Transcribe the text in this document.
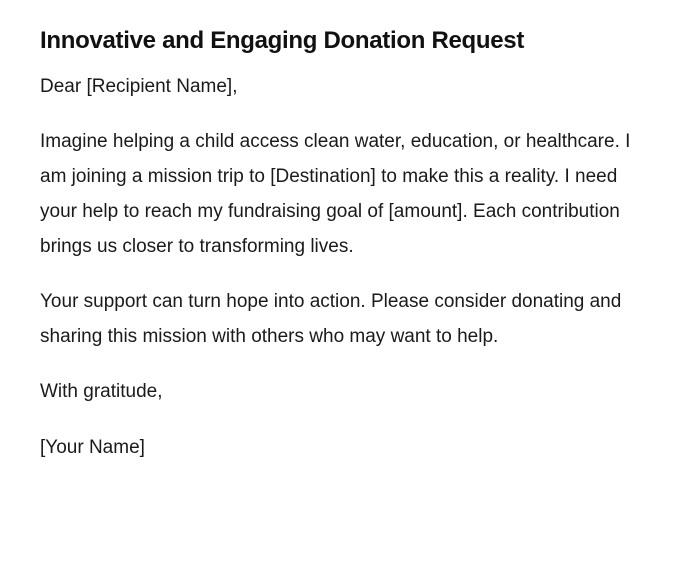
Innovative and Engaging Donation Request

Dear [Recipient Name],

Imagine helping a child access clean water, education, or healthcare. I am joining a mission trip to [Destination] to make this a reality. I need your help to reach my fundraising goal of [amount]. Each contribution brings us closer to transforming lives.

Your support can turn hope into action. Please consider donating and sharing this mission with others who may want to help.

With gratitude,

[Your Name]
